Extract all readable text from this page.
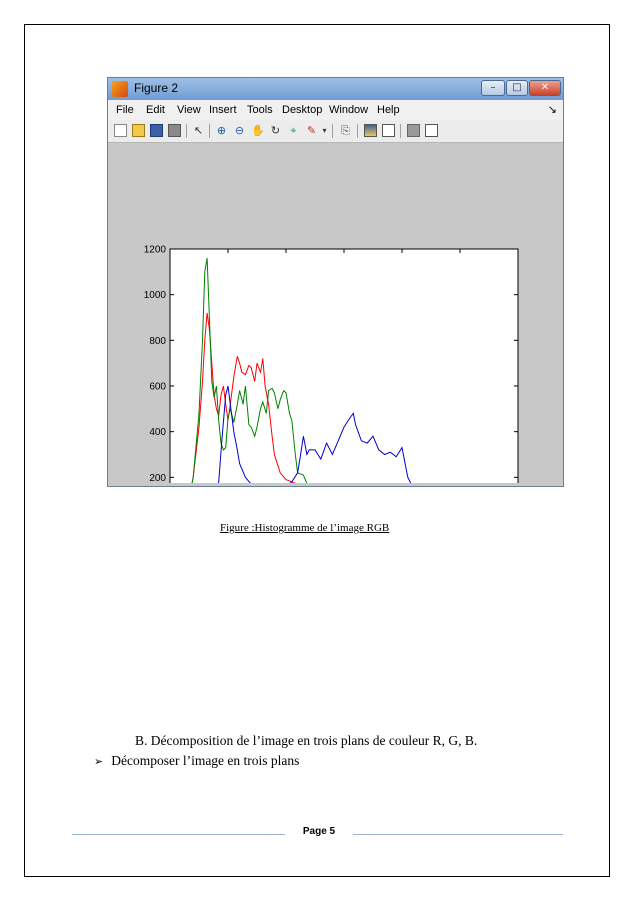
Figure 2	–	□	✕
File Edit View Insert Tools Desktop Window Help	↘
↖ ⊕ ⊖ ✋ ↻ ⌖ ✎ ▾	⎘
200
400
600
800
1000
1200
Figure :Histogramme de l’image RGB
B. Décomposition de l’image en trois plans de couleur R, G, B.
➢ Décomposer l’image en trois plans
Page 5
